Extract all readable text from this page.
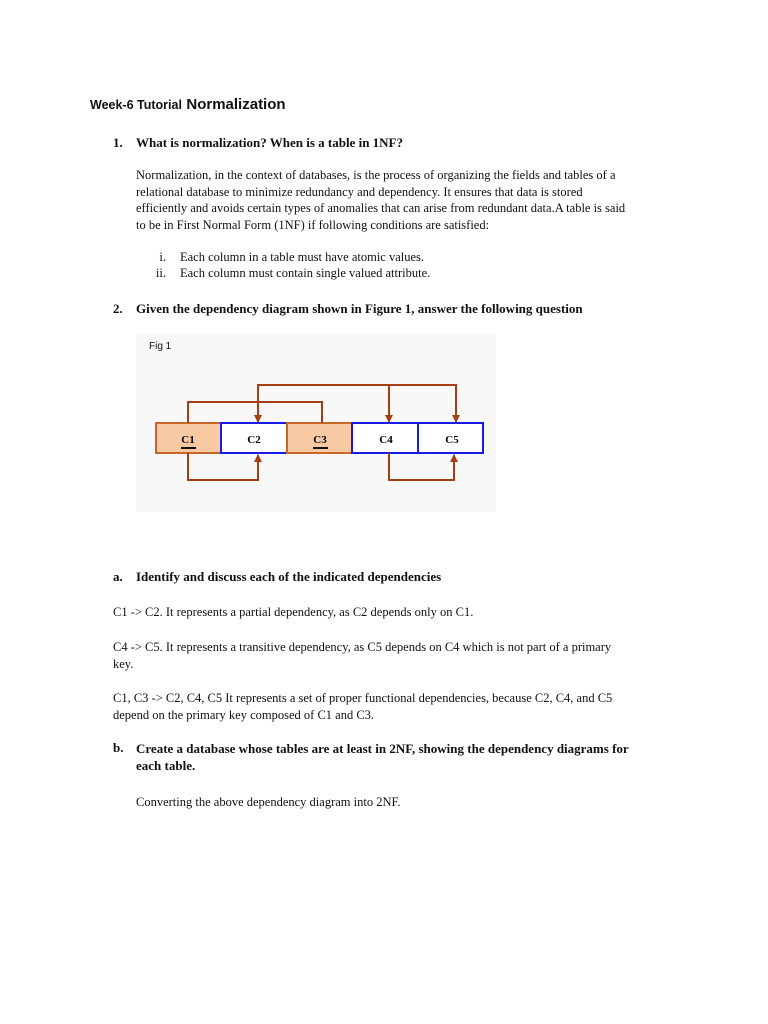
Week-6 Tutorial Normalization
1. What is normalization? When is a table in 1NF?
Normalization, in the context of databases, is the process of organizing the fields and tables of a
relational database to minimize redundancy and dependency. It ensures that data is stored
efficiently and avoids certain types of anomalies that can arise from redundant data.A table is said
to be in First Normal Form (1NF) if following conditions are satisfied:
i. Each column in a table must have atomic values.
ii. Each column must contain single valued attribute.
2. Given the dependency diagram shown in Figure 1, answer the following question
Fig 1
C1	C2	C3	C4	C5
a. Identify and discuss each of the indicated dependencies
C1 -> C2. It represents a partial dependency, as C2 depends only on C1.
C4 -> C5. It represents a transitive dependency, as C5 depends on C4 which is not part of a primary
key.
C1, C3 -> C2, C4, C5 It represents a set of proper functional dependencies, because C2, C4, and C5
depend on the primary key composed of C1 and C3.
b. Create a database whose tables are at least in 2NF, showing the dependency diagrams for
each table.
Converting the above dependency diagram into 2NF.
